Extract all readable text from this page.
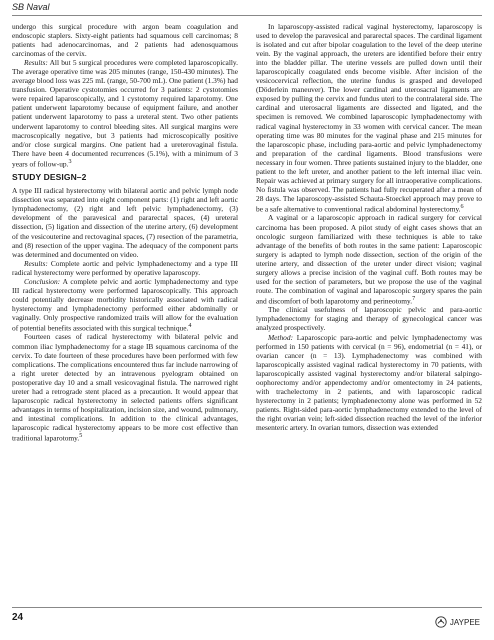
SB Naval

undergo this surgical procedure with argon beam coagulation and endoscopic staplers. Sixty-eight patients had squamous cell carcinomas; 8 patients had adenocarcinomas, and 2 patients had adenosquamous carcinomas of the cervix.

Results: All but 5 surgical procedures were completed laparoscopically. The average operative time was 205 minutes (range, 150-430 minutes). The average blood loss was 225 mL (range, 50-700 mL). One patient (1.3%) had transfusion. Operative cystotomies occurred for 3 patients: 2 cystotomies were repaired laparoscopically, and 1 cystotomy required laparotomy. One patient underwent laparotomy because of equipment failure, and another patient underwent laparotomy to pass a ureteral stent. Two other patients underwent laparotomy to control bleeding sites. All surgical margins were macroscopically negative, but 3 patients had microscopically positive and/or close surgical margins. One patient had a ureterovaginal fistula. There have been 4 documented recurrences (5.1%), with a minimum of 3 years of follow-up.$^3$

STUDY DESIGN–2

A type III radical hysterectomy with bilateral aortic and pelvic lymph node dissection was separated into eight component parts: (1) right and left aortic lymphadenectomy, (2) right and left pelvic lymphadenectomy, (3) development of the paravesical and pararectal spaces, (4) ureteral dissection, (5) ligation and dissection of the uterine artery, (6) development of the vesicouterine and rectovaginal spaces, (7) resection of the parametria, and (8) resection of the upper vagina. The adequacy of the component parts was determined and documented on video.

Results: Complete aortic and pelvic lymphadenectomy and a type III radical hysterectomy were performed by operative laparoscopy.

Conclusion: A complete pelvic and aortic lymphadenectomy and type III radical hysterectomy were performed laparoscopically. This approach could potentially decrease morbidity historically associated with radical hysterectomy and lymphadenectomy performed either abdominally or vaginally. Only prospective randomized trails will allow for the evaluation of potential benefits associated with this surgical technique.$^4$

Fourteen cases of radical hysterectomy with bilateral pelvic and common iliac lymphadenectomy for a stage IB squamous carcinoma of the cervix. To date fourteen of these procedures have been performed with few complications. The complications encountered thus far include narrowing of a right ureter detected by an intravenous pyelogram obtained on postoperative day 10 and a small vesicovaginal fistula. The narrowed right ureter had a retrograde stent placed as a precaution. It would appear that laparoscopic radical hysterectomy in selected patients offers significant advantages in terms of hospitalization, incision size, and wound, pulmonary, and intestinal complications. In addition to the clinical advantages, laparoscopic radical hysterectomy appears to be more cost effective than traditional laparotomy.$^5$

In laparoscopy-assisted radical vaginal hysterectomy, laparoscopy is used to develop the paravesical and pararectal spaces. The cardinal ligament is isolated and cut after bipolar coagulation to the level of the deep uterine vein. By the vaginal approach, the ureters are identified before their entry into the bladder pillar. The uterine vessels are pulled down until their laparoscopically coagulated ends become visible. After incision of the vesicocervical reflection, the uterine fundus is grasped and developed (Döderlein maneuver). The lower cardinal and uterosacral ligaments are exposed by pulling the cervix and fundus uteri to the contralateral side. The cardinal and uterosacral ligaments are dissected and ligated, and the specimen is removed. We combined laparoscopic lymphadenectomy with radical vaginal hysterectomy in 33 women with cervical cancer. The mean operating time was 80 minutes for the vaginal phase and 215 minutes for the laparoscopic phase, including para-aortic and pelvic lymphadenectomy and preparation of the cardinal ligaments. Blood transfusions were necessary in four women. Three patients sustained injury to the bladder, one patient to the left ureter, and another patient to the left internal iliac vein. Repair was achieved at primary surgery for all intraoperative complications. No fistula was observed. The patients had fully recuperated after a mean of 28 days. The laparoscopy-assisted Schauta-Stoeckel approach may prove to be a safe alternative to conventional radical abdominal hysterectomy.$^6$

A vaginal or a laparoscopic approach in radical surgery for cervical carcinoma has been proposed. A pilot study of eight cases shows that an oncologic surgeon familiarized with these techniques is able to take advantage of the benefits of both routes in the same patient: Laparoscopic surgery is adapted to lymph node dissection, section of the origin of the uterine artery, and dissection of the ureter under direct vision; vaginal surgery allows a precise incision of the vaginal cuff. Both routes may be used for the section of parameters, but we propose the use of the vaginal route. The combination of vaginal and laparoscopic surgery spares the pain and discomfort of both laparotomy and perineotomy.$^7$

The clinical usefulness of laparoscopic pelvic and para-aortic lymphadenectomy for staging and therapy of gynecological cancer was analyzed prospectively.

Method: Laparoscopic para-aortic and pelvic lymphadenectomy was performed in 150 patients with cervical (n = 96), endometrial (n = 41), or ovarian cancer (n = 13). Lymphadenectomy was combined with laparoscopically assisted vaginal radical hysterectomy in 70 patients, with laparoscopically assisted vaginal hysterectomy and/or bilateral salpingo-oophorectomy and/or appendectomy and/or omentectomy in 24 patients, with trachelectomy in 2 patients, and with laparoscopic radical hysterectomy in 2 patients; lymphadenectomy alone was performed in 52 patients. Right-sided para-aortic lymphadenectomy extended to the level of the right ovarian vein; left-sided dissection reached the level of the inferior mesenteric artery. In ovarian tumors, dissection was extended

24	JAYPEE
